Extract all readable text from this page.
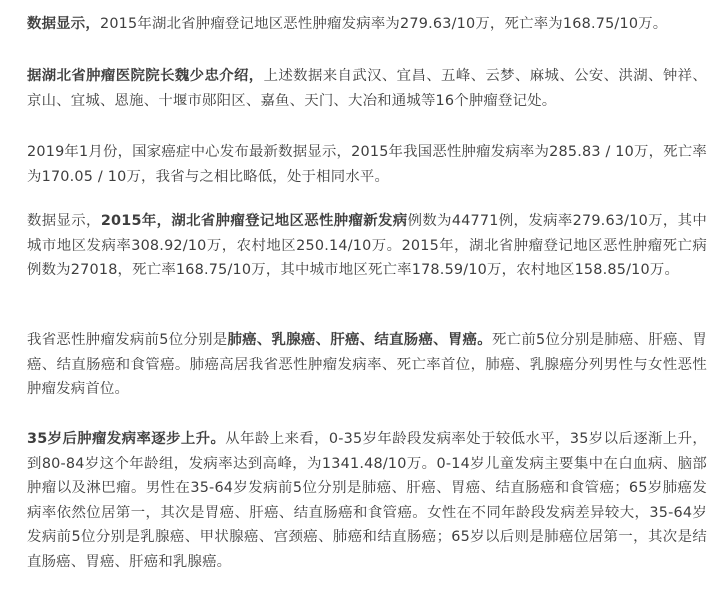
数据显示，2015年湖北省肿瘤登记地区恶性肿瘤发病率为279.63/10万，死亡率为168.75/10万。

据湖北省肿瘤医院院长魏少忠介绍，上述数据来自武汉、宜昌、五峰、云梦、麻城、公安、洪湖、钟祥、京山、宜城、恩施、十堰市郧阳区、嘉鱼、天门、大冶和通城等16个肿瘤登记处。

2019年1月份，国家癌症中心发布最新数据显示，2015年我国恶性肿瘤发病率为285.83 / 10万，死亡率为170.05 / 10万，我省与之相比略低，处于相同水平。

数据显示，2015年，湖北省肿瘤登记地区恶性肿瘤新发病例数为44771例，发病率279.63/10万，其中城市地区发病率308.92/10万，农村地区250.14/10万。2015年，湖北省肿瘤登记地区恶性肿瘤死亡病例数为27018，死亡率168.75/10万，其中城市地区死亡率178.59/10万，农村地区158.85/10万。

我省恶性肿瘤发病前5位分别是肺癌、乳腺癌、肝癌、结直肠癌、胃癌。死亡前5位分别是肺癌、肝癌、胃癌、结直肠癌和食管癌。肺癌高居我省恶性肿瘤发病率、死亡率首位，肺癌、乳腺癌分列男性与女性恶性肿瘤发病首位。

35岁后肿瘤发病率逐步上升。从年龄上来看，0-35岁年龄段发病率处于较低水平，35岁以后逐渐上升，到80-84岁这个年龄组，发病率达到高峰，为1341.48/10万。0-14岁儿童发病主要集中在白血病、脑部肿瘤以及淋巴瘤。男性在35-64岁发病前5位分别是肺癌、肝癌、胃癌、结直肠癌和食管癌；65岁肺癌发病率依然位居第一，其次是胃癌、肝癌、结直肠癌和食管癌。女性在不同年龄段发病差异较大，35-64岁发病前5位分别是乳腺癌、甲状腺癌、宫颈癌、肺癌和结直肠癌；65岁以后则是肺癌位居第一，其次是结直肠癌、胃癌、肝癌和乳腺癌。
